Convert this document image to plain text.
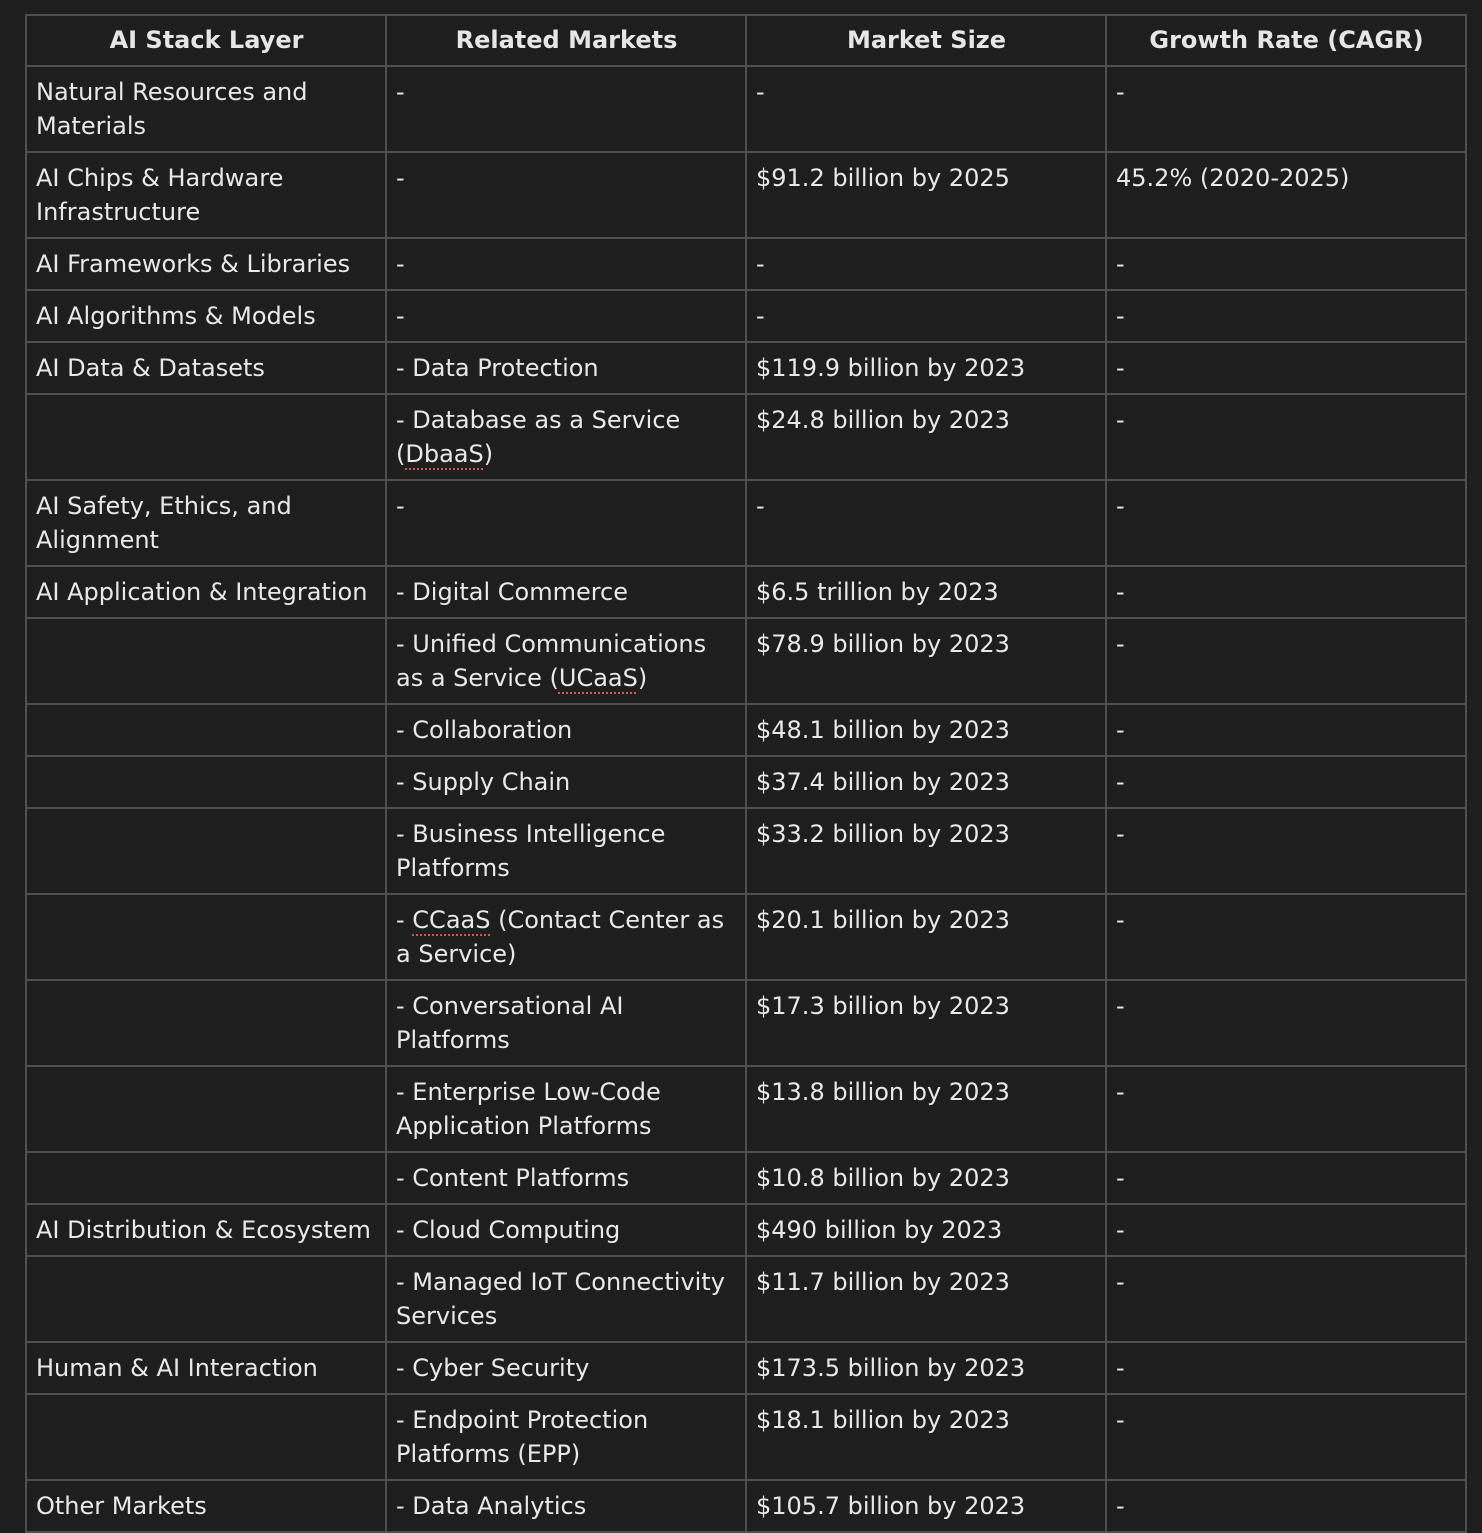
AI Stack Layer	Related Markets	Market Size	Growth Rate (CAGR)
Natural Resources and Materials	-	-	-
AI Chips & Hardware Infrastructure	-	$91.2 billion by 2025	45.2% (2020-2025)
AI Frameworks & Libraries	-	-	-
AI Algorithms & Models	-	-	-
AI Data & Datasets	- Data Protection	$119.9 billion by 2023	-
	- Database as a Service (DbaaS)	$24.8 billion by 2023	-
AI Safety, Ethics, and Alignment	-	-	-
AI Application & Integration	- Digital Commerce	$6.5 trillion by 2023	-
	- Unified Communications as a Service (UCaaS)	$78.9 billion by 2023	-
	- Collaboration	$48.1 billion by 2023	-
	- Supply Chain	$37.4 billion by 2023	-
	- Business Intelligence Platforms	$33.2 billion by 2023	-
	- CCaaS (Contact Center as a Service)	$20.1 billion by 2023	-
	- Conversational AI Platforms	$17.3 billion by 2023	-
	- Enterprise Low-Code Application Platforms	$13.8 billion by 2023	-
	- Content Platforms	$10.8 billion by 2023	-
AI Distribution & Ecosystem	- Cloud Computing	$490 billion by 2023	-
	- Managed IoT Connectivity Services	$11.7 billion by 2023	-
Human & AI Interaction	- Cyber Security	$173.5 billion by 2023	-
	- Endpoint Protection Platforms (EPP)	$18.1 billion by 2023	-
Other Markets	- Data Analytics	$105.7 billion by 2023	-
